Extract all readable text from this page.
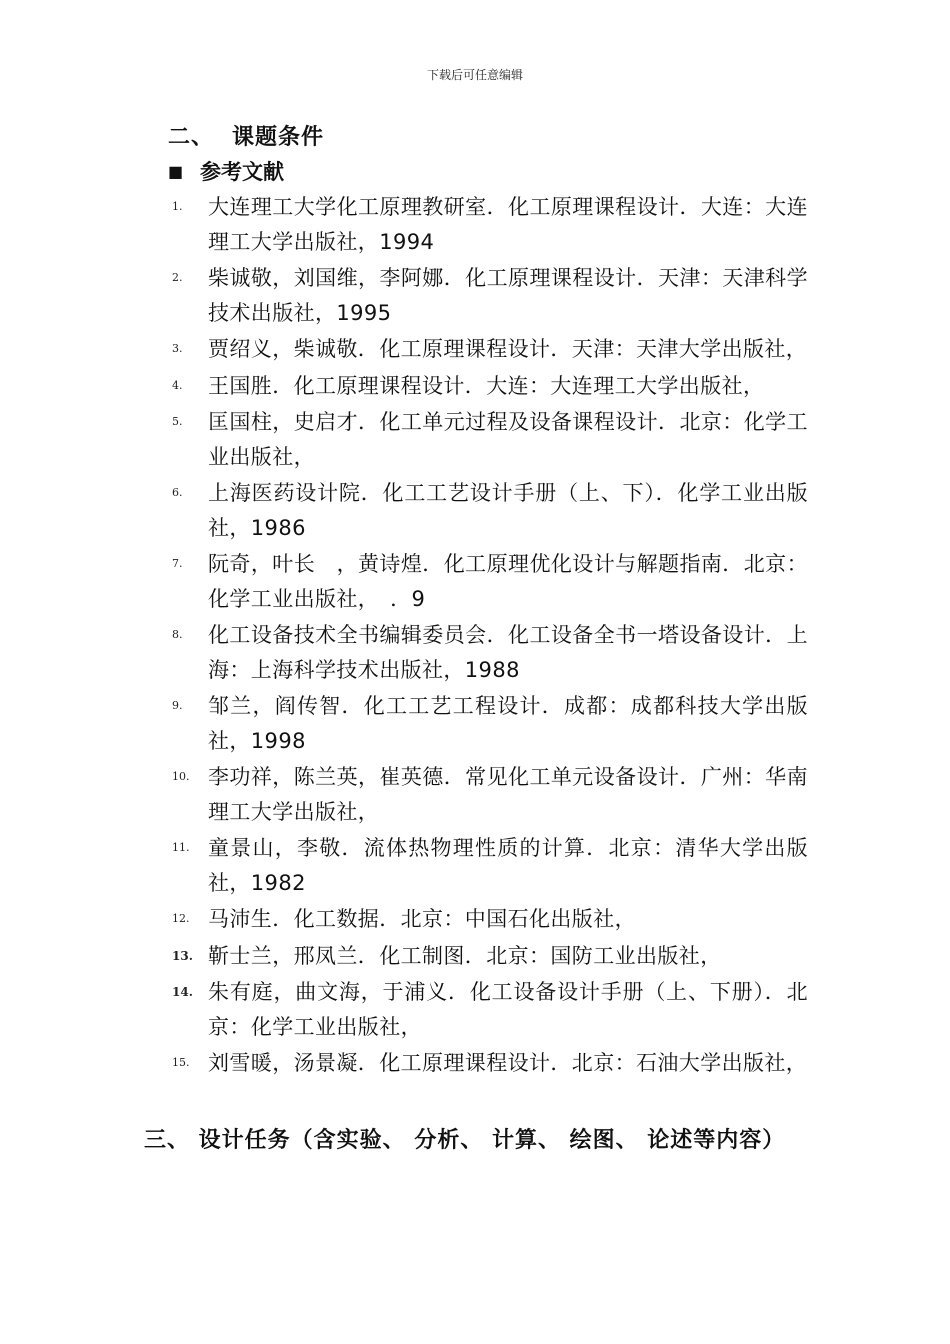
下载后可任意编辑
二、 课题条件
■ 参考文献
1. 大连理工大学化工原理教研室．化工原理课程设计．大连：大连理工大学出版社，1994
2. 柴诚敬，刘国维，李阿娜．化工原理课程设计．天津：天津科学技术出版社，1995
3. 贾绍义，柴诚敬．化工原理课程设计．天津：天津大学出版社，
4. 王国胜．化工原理课程设计．大连：大连理工大学出版社，
5. 匡国柱，史启才．化工单元过程及设备课程设计．北京：化学工业出版社，
6. 上海医药设计院．化工工艺设计手册（上、下）．化学工业出版社，1986
7. 阮奇，叶长　，黄诗煌．化工原理优化设计与解题指南．北京：化学工业出版社，　．9
8. 化工设备技术全书编辑委员会．化工设备全书一塔设备设计．上海：上海科学技术出版社，1988
9. 邹兰，阎传智．化工工艺工程设计．成都：成都科技大学出版社，1998
10. 李功祥，陈兰英，崔英德．常见化工单元设备设计．广州：华南理工大学出版社，
11. 童景山，李敬．流体热物理性质的计算．北京：清华大学出版社，1982
12. 马沛生．化工数据．北京：中国石化出版社，
13. 靳士兰，邢凤兰．化工制图．北京：国防工业出版社，
14. 朱有庭，曲文海，于浦义．化工设备设计手册（上、下册）．北京：化学工业出版社，
15. 刘雪暖，汤景凝．化工原理课程设计．北京：石油大学出版社，
三、 设计任务（含实验、 分析、 计算、 绘图、 论述等内容）
